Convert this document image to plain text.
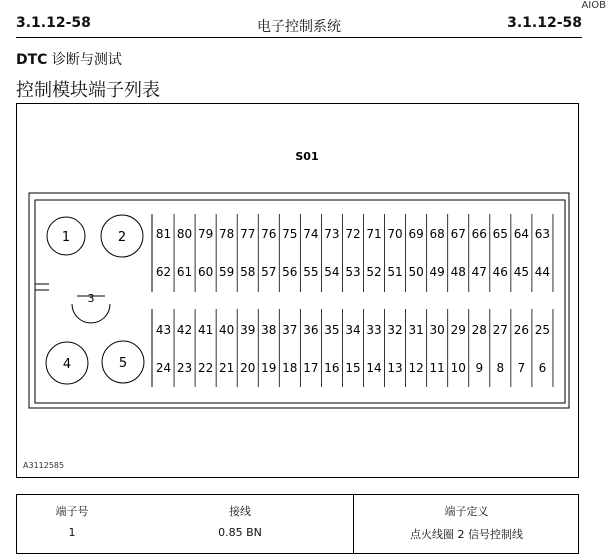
AIOB
3.1.12-58	电子控制系统	3.1.12-58
DTC 诊断与测试
控制模块端子列表
S01
1	2
4	5
3
81 80 79 78 77 76 75 74 73 72 71 70 69 68 67 66 65 64 63
62 61 60 59 58 57 56 55 54 53 52 51 50 49 48 47 46 45 44
43 42 41 40 39 38 37 36 35 34 33 32 31 30 29 28 27 26 25
24 23 22 21 20 19 18 17 16 15 14 13 12 11 10 9 8 7 6
A3112585
端子号	接线	端子定义
1	0.85 BN	点火线圈 2 信号控制线
